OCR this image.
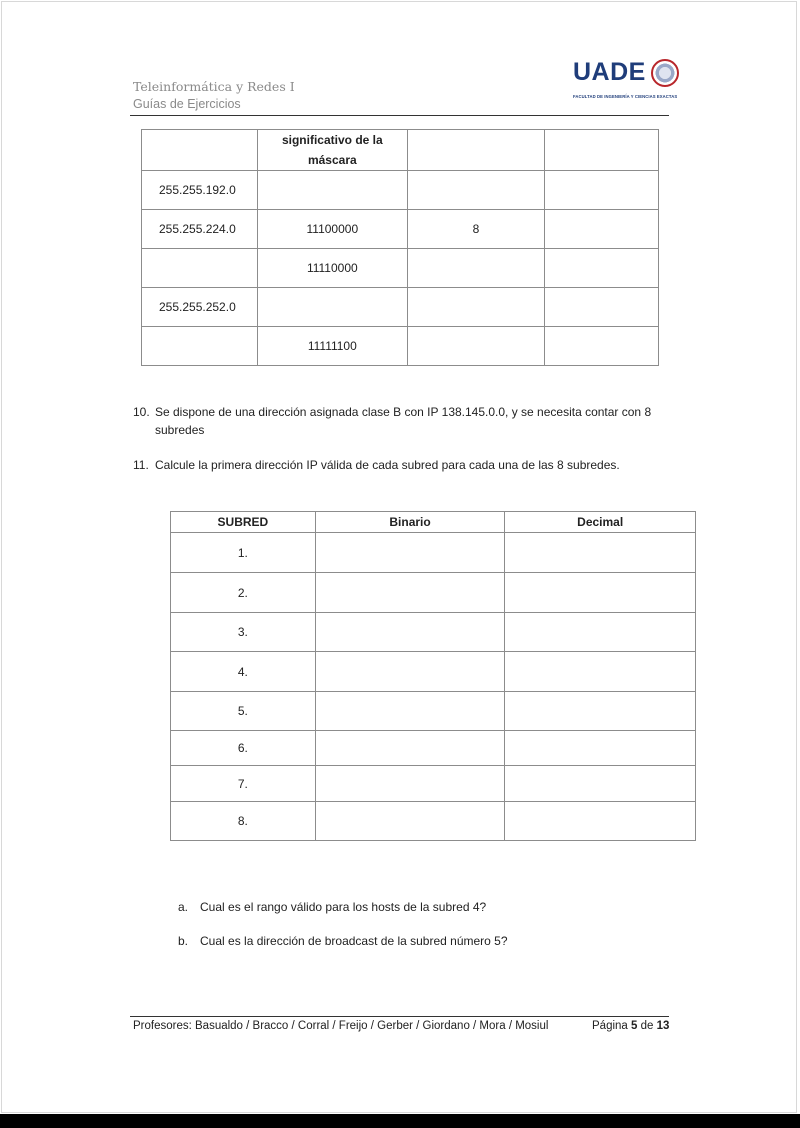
Teleinformática y Redes I
Guías de Ejercicios
UADE
FACULTAD DE INGENIERÍA Y CIENCIAS EXACTAS

	significativo de la
máscara		

255.255.192.0			
255.255.224.0	11100000	8	
	11110000		
255.255.252.0			
	11111100		
10. Se dispone de una dirección asignada clase B con IP 138.145.0.0, y se necesita contar con 8
subredes
11. Calcule la primera dirección IP válida de cada subred para cada una de las 8 subredes.
SUBRED	Binario	Decimal
1.		
2.		
3.		
4.		
5.		
6.		
7.		
8.		
a. Cual es el rango válido para los hosts de la subred 4?
b. Cual es la dirección de broadcast de la subred número 5?
Profesores: Basualdo / Bracco / Corral / Freijo / Gerber / Giordano / Mora / Mosiul	Página 5 de 13
